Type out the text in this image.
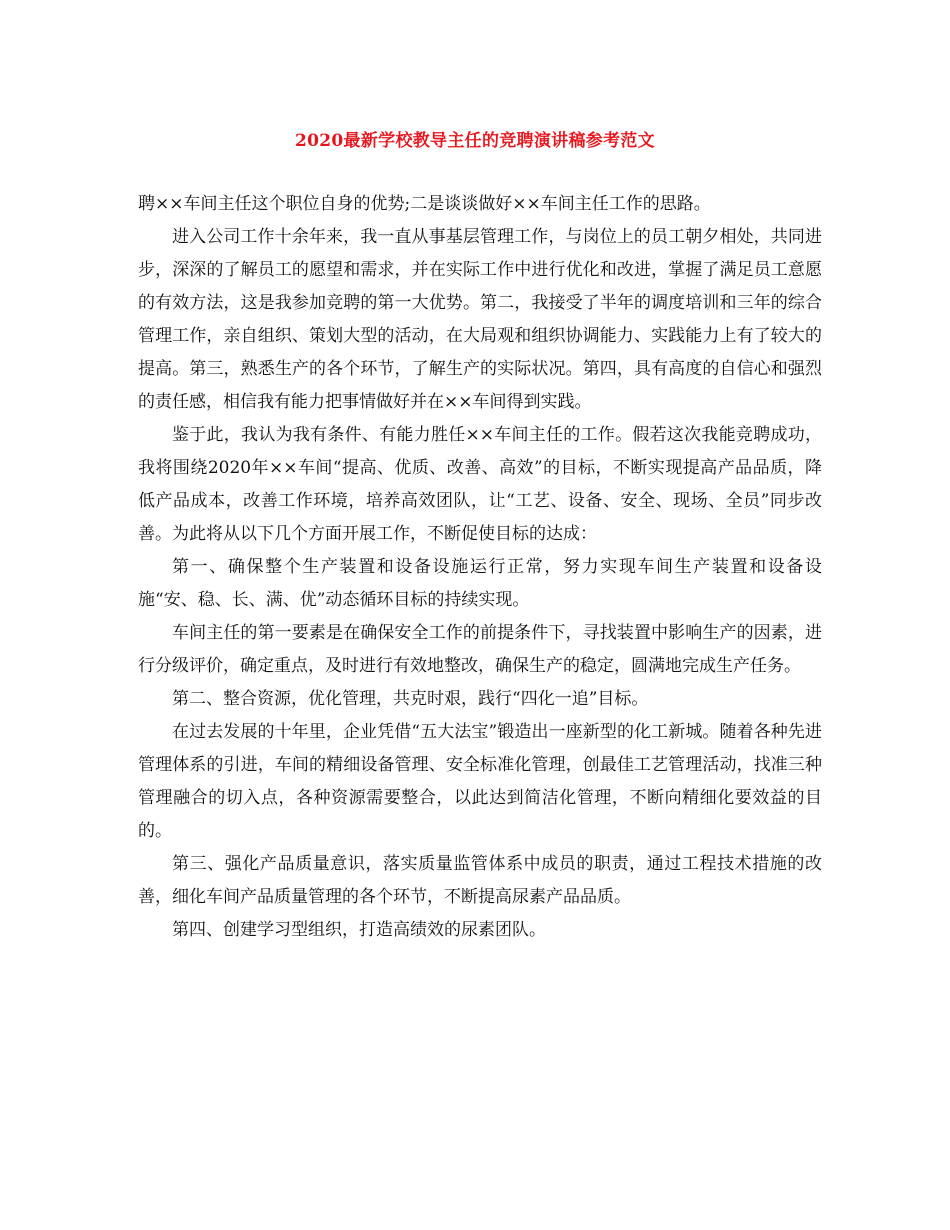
2020最新学校教导主任的竞聘演讲稿参考范文

聘××车间主任这个职位自身的优势;二是谈谈做好××车间主任工作的思路。

进入公司工作十余年来，我一直从事基层管理工作，与岗位上的员工朝夕相处，共同进步，深深的了解员工的愿望和需求，并在实际工作中进行优化和改进，掌握了满足员工意愿的有效方法，这是我参加竞聘的第一大优势。第二，我接受了半年的调度培训和三年的综合管理工作，亲自组织、策划大型的活动，在大局观和组织协调能力、实践能力上有了较大的提高。第三，熟悉生产的各个环节，了解生产的实际状况。第四，具有高度的自信心和强烈的责任感，相信我有能力把事情做好并在××车间得到实践。

鉴于此，我认为我有条件、有能力胜任××车间主任的工作。假若这次我能竞聘成功，我将围绕2020年××车间“提高、优质、改善、高效”的目标，不断实现提高产品品质，降低产品成本，改善工作环境，培养高效团队，让“工艺、设备、安全、现场、全员”同步改善。为此将从以下几个方面开展工作，不断促使目标的达成：

第一、确保整个生产装置和设备设施运行正常，努力实现车间生产装置和设备设施“安、稳、长、满、优”动态循环目标的持续实现。

车间主任的第一要素是在确保安全工作的前提条件下，寻找装置中影响生产的因素，进行分级评价，确定重点，及时进行有效地整改，确保生产的稳定，圆满地完成生产任务。

第二、整合资源，优化管理，共克时艰，践行“四化一追”目标。

在过去发展的十年里，企业凭借“五大法宝”锻造出一座新型的化工新城。随着各种先进管理体系的引进，车间的精细设备管理、安全标准化管理，创最佳工艺管理活动，找准三种管理融合的切入点，各种资源需要整合，以此达到简洁化管理，不断向精细化要效益的目的。

第三、强化产品质量意识，落实质量监管体系中成员的职责，通过工程技术措施的改善，细化车间产品质量管理的各个环节，不断提高尿素产品品质。

第四、创建学习型组织，打造高绩效的尿素团队。
